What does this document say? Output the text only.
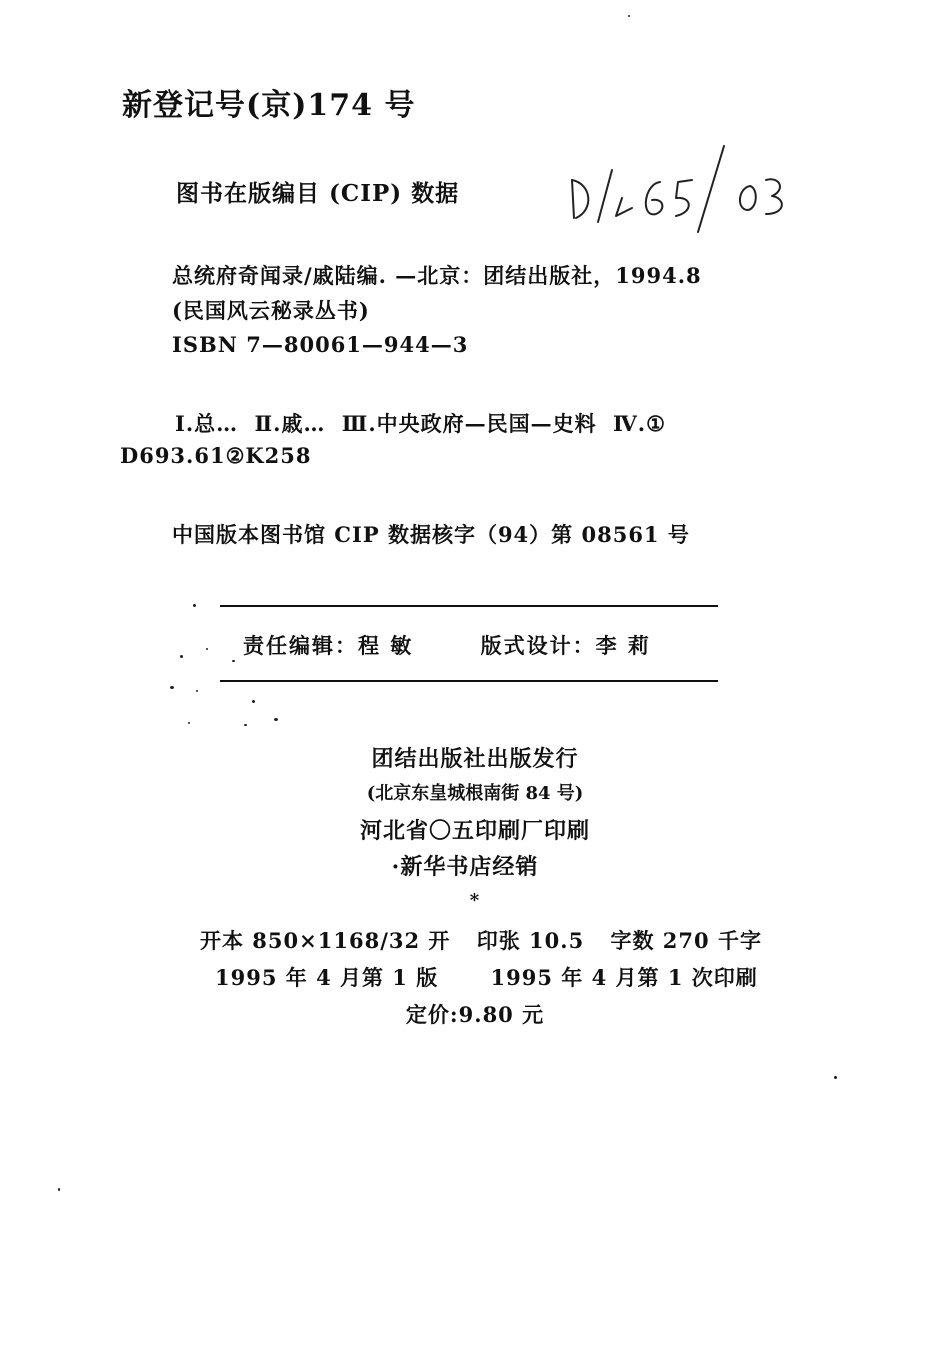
新登记号(京)174 号
图书在版编目 (CIP) 数据
总统府奇闻录/戚陆编. —北京：团结出版社，1994.8
(民国风云秘录丛书)
ISBN 7—80061—944—3
I.总… Ⅱ.戚… Ⅲ.中央政府—民国—史料 Ⅳ.①
D693.61②K258
中国版本图书馆 CIP 数据核字（94）第 08561 号
责任编辑：程 敏	版式设计：李 莉
团结出版社出版发行
(北京东皇城根南街 84 号)
河北省〇五印刷厂印刷
·新华书店经销
*
开本 850×1168/32 开 印张 10.5 字数 270 千字
1995 年 4 月第 1 版 1995 年 4 月第 1 次印刷
定价:9.80 元
